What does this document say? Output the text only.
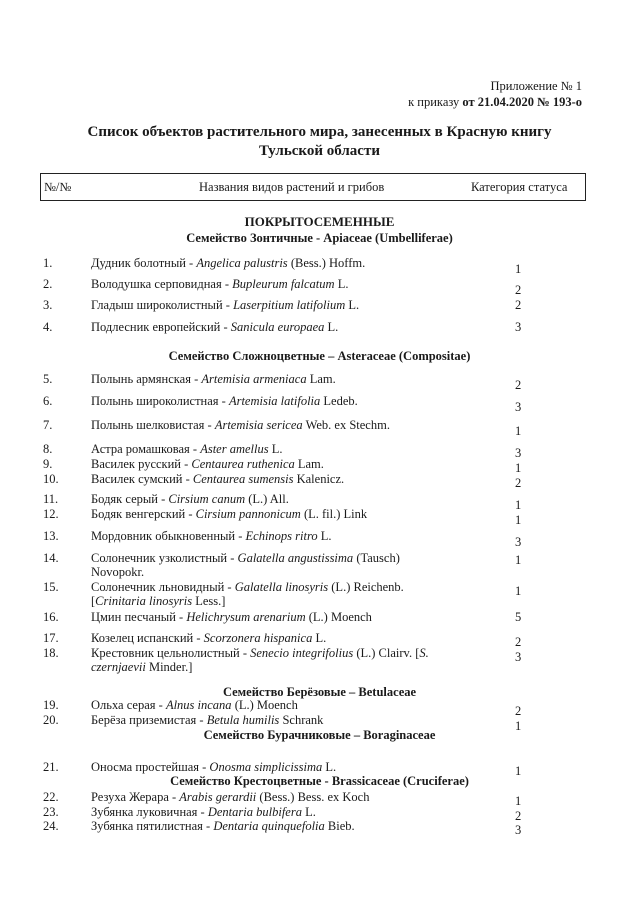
Приложение № 1
к приказу от 21.04.2020 № 193-о
Список объектов растительного мира, занесенных в Красную книгу
Тульской области
№/№	Названия видов растений и грибов	Категория статуса
ПОКРЫТОСЕМЕННЫЕ
Семейство Зонтичные - Apiaceae (Umbelliferae)
Семейство Сложноцветные – Asteraceae (Compositae)
Семейство Берёзовые – Betulaceae
Семейство Бурачниковые – Boraginaceae
Семейство Крестоцветные - Brassicaceae (Cruciferae)
1.	Дудник болотный - Angelica palustris (Bess.) Hoffm.	1
2.	Володушка серповидная - Bupleurum falcatum L.	2
3.	Гладыш широколистный - Laserpitium latifolium L.	2
4.	Подлесник европейский - Sanicula europaea L.	3
5.	Полынь армянская - Artemisia armeniaca Lam.	2
6.	Полынь широколистная - Artemisia latifolia Ledeb.	3
7.	Полынь шелковистая - Artemisia sericea Web. ex Stechm.	1
8.	Астра ромашковая - Aster amellus L.	3
9.	Василек русский - Centaurea ruthenica Lam.	1
10.	Василек сумский - Centaurea sumensis Kalenicz.	2
11.	Бодяк серый - Cirsium canum (L.) All.	1
12.	Бодяк венгерский - Cirsium pannonicum (L. fil.) Link	1
13.	Мордовник обыкновенный - Echinops ritro L.	3
14.	Солонечник узколистный - Galatella angustissima (Tausch)
Novopokr.
1
15.	Солонечник льновидный - Galatella linosyris (L.) Reichenb.
[Crinitaria linosyris Less.]
1
16.	Цмин песчаный - Helichrysum arenarium (L.) Moench	5
17.	Козелец испанский - Scorzonera hispanica L.	2
18.	Крестовник цельнолистный - Senecio integrifolius (L.) Clairv. [S.
czernjaevii Minder.]
3
19.	Ольха серая - Alnus incana (L.) Moench	2
20.	Берёза приземистая - Betula humilis Schrank	1
21.	Оносма простейшая - Onosma simplicissima L.	1
22.	Резуха Жерара - Arabis gerardii (Bess.) Bess. ex Koch	1
23.	Зубянка луковичная - Dentaria bulbifera L.	2
24.	Зубянка пятилистная - Dentaria quinquefolia Bieb.	3
